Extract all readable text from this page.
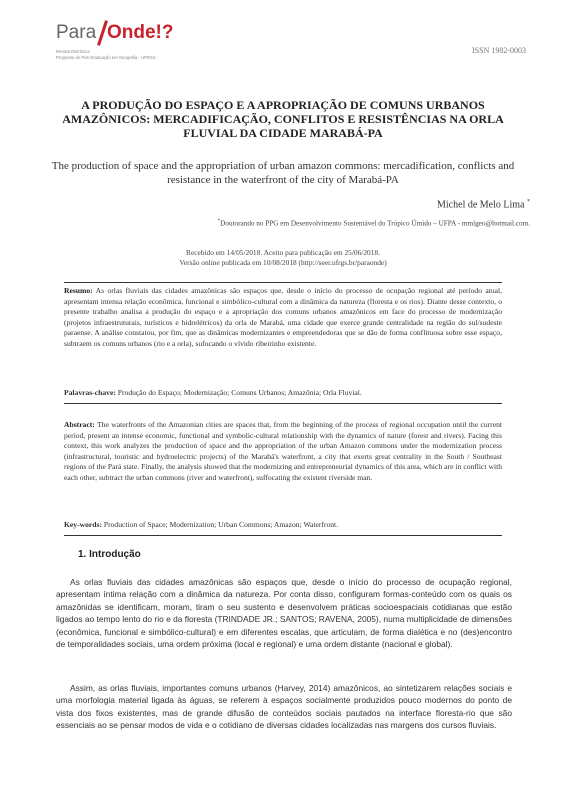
Para Onde!?
Revista Eletrônica
Programa de Pós-Graduação em Geografia - UFRGS
ISSN 1982-0003
A PRODUÇÃO DO ESPAÇO E A APROPRIAÇÃO DE COMUNS URBANOS AMAZÔNICOS: MERCADIFICAÇÃO, CONFLITOS E RESISTÊNCIAS NA ORLA FLUVIAL DA CIDADE MARABÁ-PA
The production of space and the appropriation of urban amazon commons: mercadification, conflicts and resistance in the waterfront of the city of Marabá-PA
Michel de Melo Lima *
*Doutorando no PPG em Desenvolvimento Sustentável do Trópico Úmido – UFPA - mmlgeo@hotmail.com.
Recebido em 14/05/2018. Aceito para publicação em 25/06/2018.
Versão online publicada em 10/08/2018 (http://seer.ufrgs.br/paraonde)
Resumo: As orlas fluviais das cidades amazônicas são espaços que, desde o início do processo de ocupação regional até período atual, apresentam intensa relação econômica, funcional e simbólico-cultural com a dinâmica da natureza (floresta e os rios). Diante desse contexto, o presente trabalho analisa a produção do espaço e a apropriação dos comuns urbanos amazônicos em face do processo de modernização (projetos infraestruturais, turísticos e hidrelétricos) da orla de Marabá, uma cidade que exerce grande centralidade na região do sul/sudeste paraense. A análise constatou, por fim, que as dinâmicas modernizantes e empreendedoras que se dão de forma conflituosa sobre esse espaço, subtraem os comuns urbanos (rio e a orla), sufocando o vívido ribeirinho existente.
Palavras-chave: Produção do Espaço; Modernização; Comuns Urbanos; Amazônia; Orla Fluvial.
Abstract: The waterfronts of the Amazonian cities are spaces that, from the beginning of the process of regional occupation until the current period, present an intense economic, functional and symbolic-cultural relationship with the dynamics of nature (forest and rivers). Facing this context, this work analyzes the production of space and the appropriation of the urban Amazon commons under the modernization process (infrastructural, touristic and hydroelectric projects) of the Marabá's waterfront, a city that exerts great centrality in the South / Southeast regions of the Pará state. Finally, the analysis showed that the modernizing and entrepreneurial dynamics of this area, which are in conflict with each other, subtract the urban commons (river and waterfront), suffocating the existent riverside man.
Key-words: Production of Space; Modernization; Urban Commons; Amazon; Waterfront.
1. Introdução
As orlas fluviais das cidades amazônicas são espaços que, desde o início do processo de ocupação regional, apresentam íntima relação com a dinâmica da natureza. Por conta disso, configuram formas-conteúdo com os quais os amazônidas se identificam, moram, tiram o seu sustento e desenvolvem práticas socioespaciais cotidianas que estão ligados ao tempo lento do rio e da floresta (TRINDADE JR.; SANTOS; RAVENA, 2005), numa multiplicidade de dimensões (econômica, funcional e simbólico-cultural) e em diferentes escalas, que articulam, de forma dialética e no (des)encontro de temporalidades sociais, uma ordem próxima (local e regional) e uma ordem distante (nacional e global).
Assim, as orlas fluviais, importantes comuns urbanos (Harvey, 2014) amazônicos, ao sintetizarem relações sociais e uma morfologia material ligada às águas, se referem à espaços socialmente produzidos pouco modernos do ponto de vista dos fixos existentes, mas de grande difusão de conteúdos sociais pautados na interface floresta-rio que são essenciais ao se pensar modos de vida e o cotidiano de diversas cidades localizadas nas margens dos cursos fluviais.
